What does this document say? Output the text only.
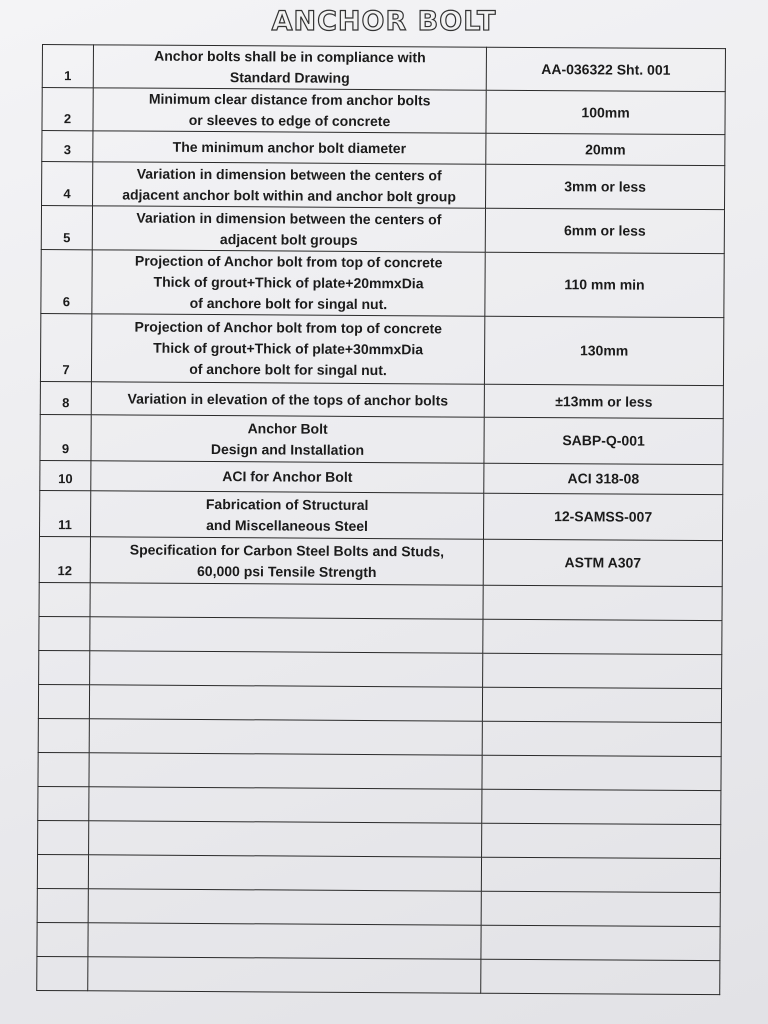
ANCHOR BOLT
1	Anchor bolts shall be in compliance with
Standard Drawing	AA-036322 Sht. 001
2	Minimum clear distance from anchor bolts
or sleeves to edge of concrete	100mm
3	The minimum anchor bolt diameter	20mm
4	Variation in dimension between the centers of
adjacent anchor bolt within and anchor bolt group	3mm or less
5	Variation in dimension between the centers of
adjacent bolt groups	6mm or less
6	Projection of Anchor bolt from top of concrete
Thick of grout+Thick of plate+20mmxDia
of anchore bolt for singal nut.	110 mm min
7	Projection of Anchor bolt from top of concrete
Thick of grout+Thick of plate+30mmxDia
of anchore bolt for singal nut.	130mm
8	Variation in elevation of the tops of anchor bolts	±13mm or less
9	Anchor Bolt
Design and Installation	SABP-Q-001
10	ACI for Anchor Bolt	ACI 318-08
11	Fabrication of Structural
and Miscellaneous Steel	12-SAMSS-007
12	Specification for Carbon Steel Bolts and Studs,
60,000 psi Tensile Strength	ASTM A307
